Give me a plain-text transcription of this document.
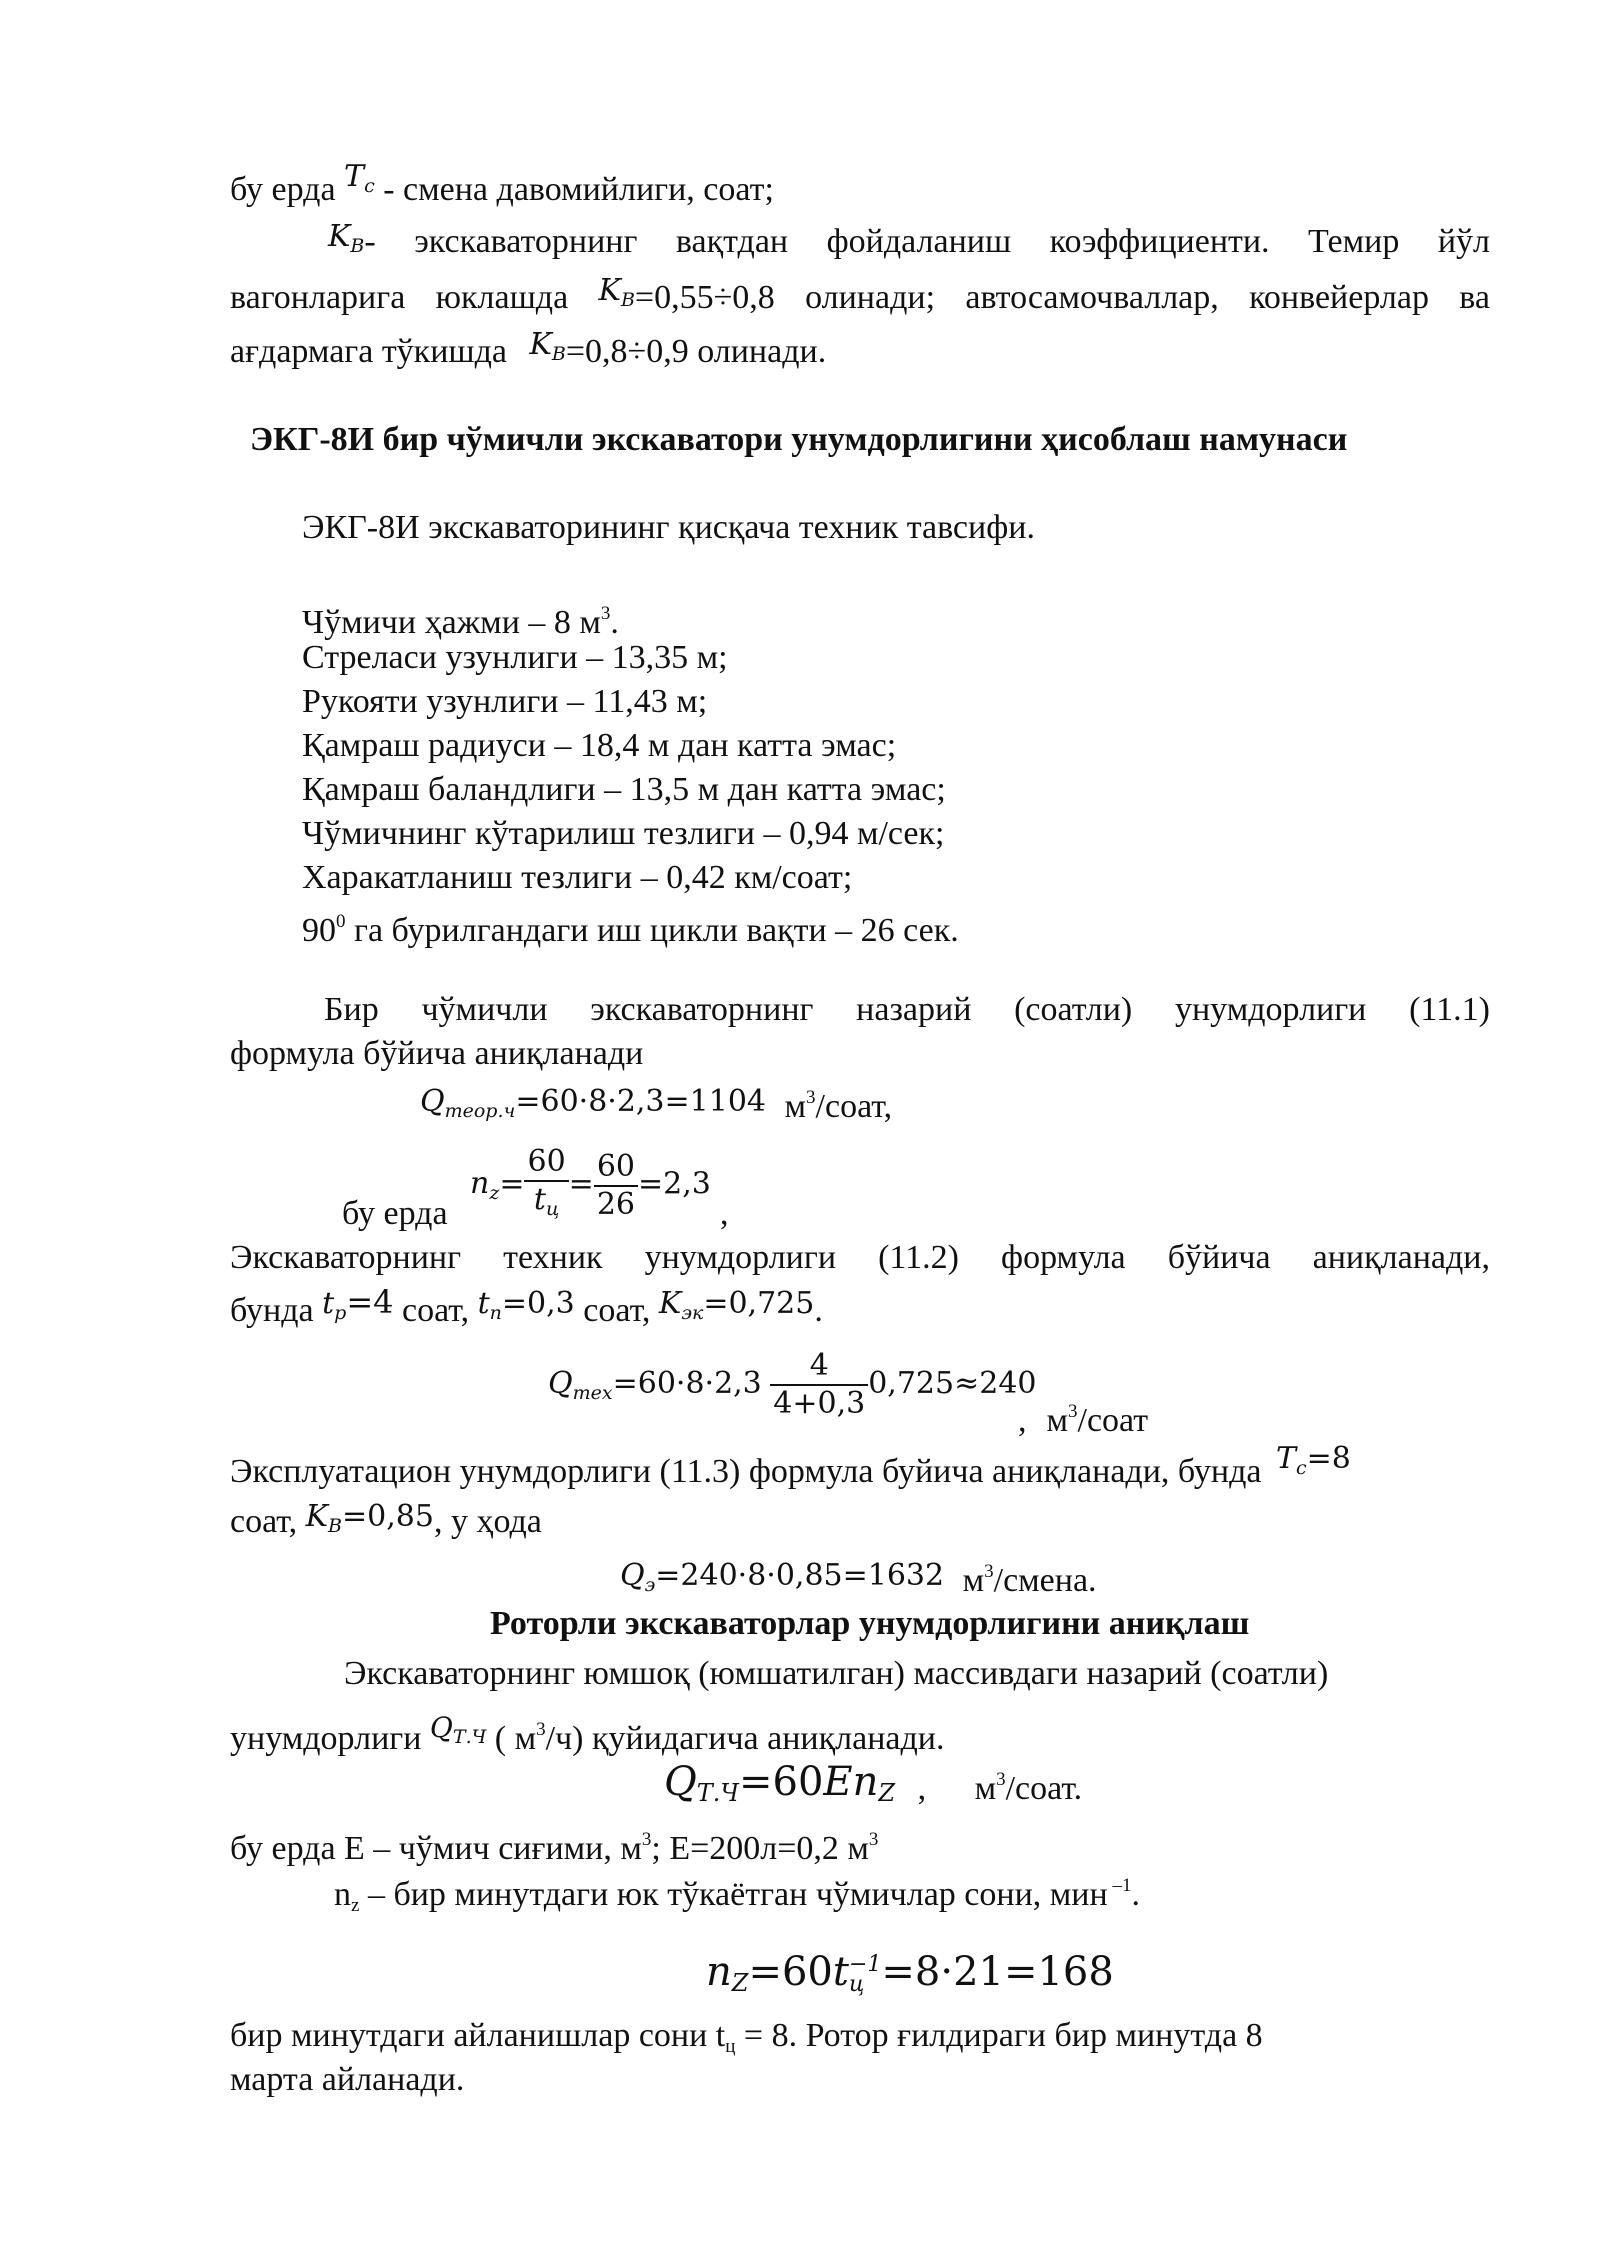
бу ерда $T_c$ - смена давомийлиги, соат;
$K_B-$ экскаваторнинг вақтдан фойдаланиш коэффициенти. Темир йўл
вагонларига юклашда $K_B=0,55\div 0,8$ олинади; автосамочваллар, конвейерлар ва
ағдармага тўкишда $K_B=0,8\div 0,9$ олинади.
ЭКГ-8И бир чўмичли экскаватори унумдорлигини ҳисоблаш намунаси
ЭКГ-8И экскаваторининг қисқача техник тавсифи.
Чўмичи ҳажми – 8 $м^3$.
Стреласи узунлиги – 13,35 м;
Рукояти узунлиги – 11,43 м;
Қамраш радиуси – 18,4 м дан катта эмас;
Қамраш баландлиги – 13,5 м дан катта эмас;
Чўмичнинг кўтарилиш тезлиги – 0,94 м/сек;
Харакатланиш тезлиги – 0,42 км/соат;
$90^0$ га бурилгандаги иш цикли вақти – 26 сек.
Бир чўмичли экскаваторнинг назарий (соатли) унумдорлиги (11.1)
формула бўйича аниқланади
$Q_{теор.ч}=60\cdot 8\cdot 2,3=1104$ $м^3$/соат,
бу ерда
$n_z= \frac{60}{t_ц} = \frac{60}{26} =2,3$
,
Экскаваторнинг техник унумдорлиги (11.2) формула бўйича аниқланади,
бунда $t_p=4$ соат, $t_п=0,3$ соат, $K_{эк}=0,725$.
$Q_{тех}=60\cdot 8\cdot 2,3 \frac{4}{4+0,3} 0,725\approx 240$
, $м^3$/соат
Эксплуатацион унумдорлиги (11.3) формула буйича аниқланади, бунда $T_c=8$
соат, $K_B=0,85$, у ҳода
$Q_э=240\cdot 8\cdot 0,85=1632$ $м^3$/смена.
Роторли экскаваторлар унумдорлигини аниқлаш
Экскаваторнинг юмшоқ (юмшатилган) массивдаги назарий (соатли)
унумдорлиги $^{Q_{Т.Ч}}$ ( $м^3/ч$) қуйидагича аниқланади.
$Q_{Т.Ч}=60En_Z$ , $м^3$/соат.
бу ерда Е – чўмич сиғими, $м^3$; Е=200л=0,2 $м^3$
$n_z$ – бир минутдаги юк тўкаётган чўмичлар сони, мин $^{-1}$.
$n_Z=60t -1$
ц =8·21=168
бир минутдаги айланишлар сони $t_ц = 8$. Ротор ғилдираги бир минутда 8
марта айланади.
